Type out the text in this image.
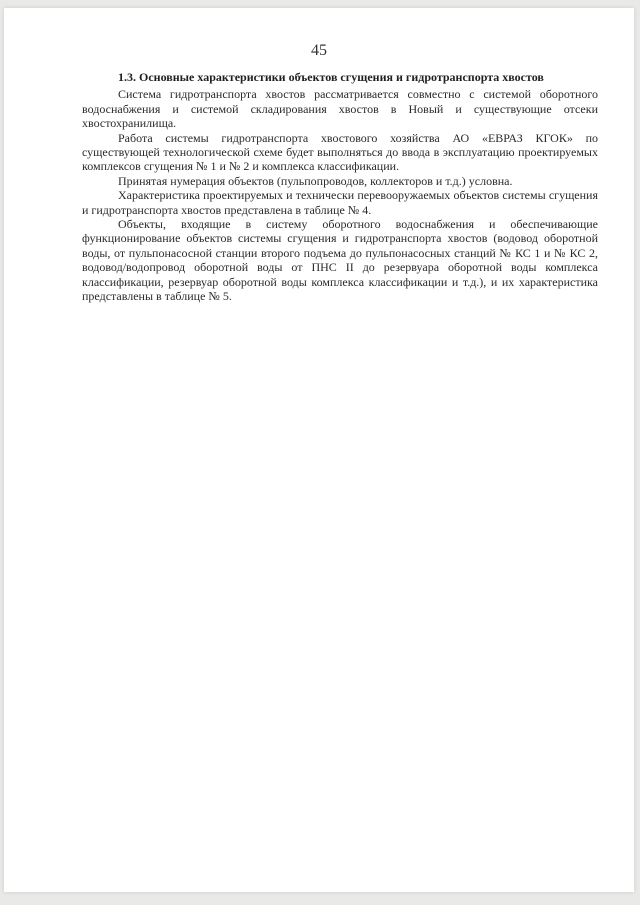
45

1.3. Основные характеристики объектов сгущения и гидротранспорта хвостов

Система гидротранспорта хвостов рассматривается совместно с системой оборотного водоснабжения и системой складирования хвостов в Новый и существующие отсеки хвостохранилища.

Работа системы гидротранспорта хвостового хозяйства АО «ЕВРАЗ КГОК» по существующей технологической схеме будет выполняться до ввода в эксплуатацию проектируемых комплексов сгущения № 1 и № 2 и комплекса классификации.

Принятая нумерация объектов (пульпопроводов, коллекторов и т.д.) условна.

Характеристика проектируемых и технически перевооружаемых объектов системы сгущения и гидротранспорта хвостов представлена в таблице № 4.

Объекты, входящие в систему оборотного водоснабжения и обеспечивающие функционирование объектов системы сгущения и гидротранспорта хвостов (водовод оборотной воды, от пульпонасосной станции второго подъема до пульпонасосных станций № КС 1 и № КС 2, водовод/водопровод оборотной воды от ПНС II до резервуара оборотной воды комплекса классификации, резервуар оборотной воды комплекса классификации и т.д.), и их характеристика представлены в таблице № 5.
